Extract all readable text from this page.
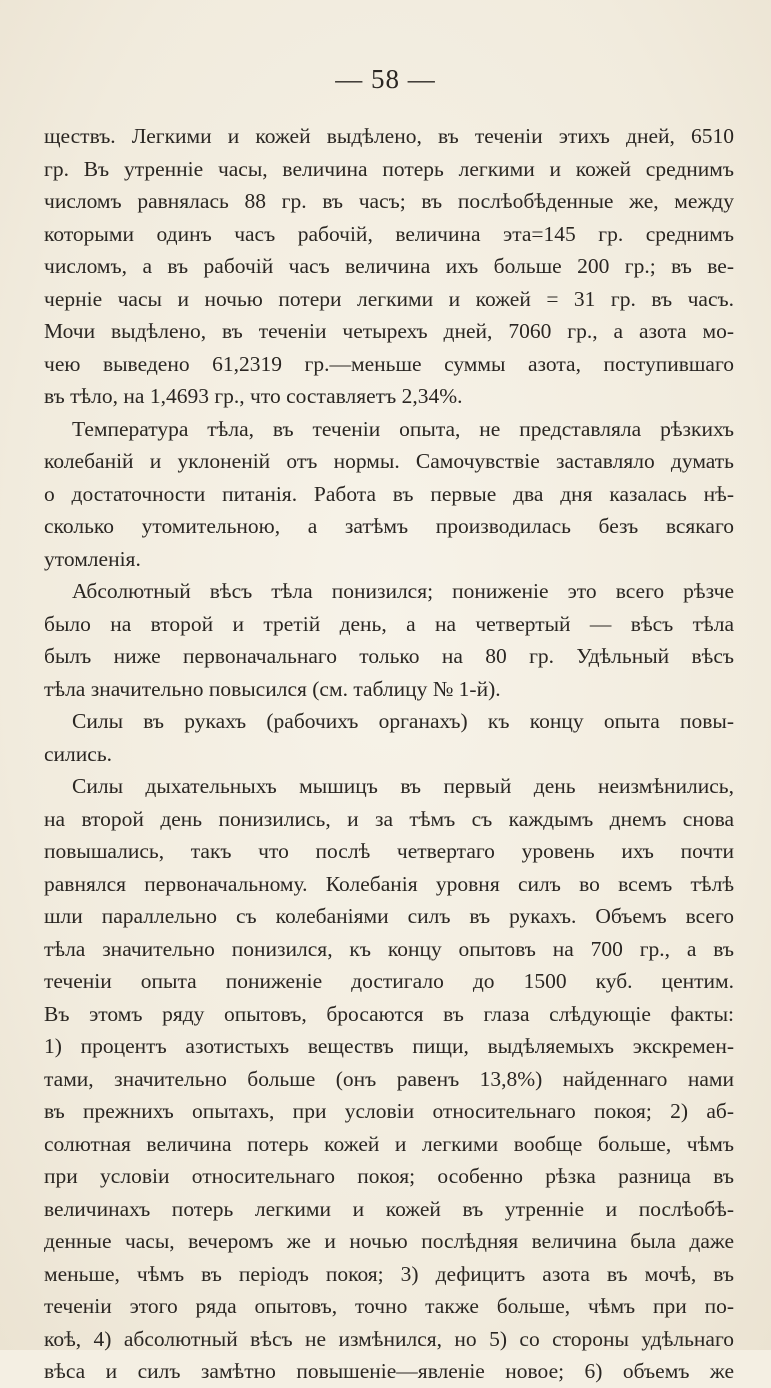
— 58 —
ществъ. Легкими и кожей выдѣлено, въ теченіи этихъ дней, 6510
гр. Въ утренніе часы, величина потерь легкими и кожей среднимъ
числомъ равнялась 88 гр. въ часъ; въ послѣобѣденные же, между
которыми одинъ часъ рабочій, величина эта=145 гр. среднимъ
числомъ, а въ рабочій часъ величина ихъ больше 200 гр.; въ ве-
черніе часы и ночью потери легкими и кожей = 31 гр. въ часъ.
Мочи выдѣлено, въ теченіи четырехъ дней, 7060 гр., а азота мо-
чею выведено 61,2319 гр.—меньше суммы азота, поступившаго
въ тѣло, на 1,4693 гр., что составляетъ 2,34%.
Температура тѣла, въ теченіи опыта, не представляла рѣзкихъ
колебаній и уклоненій отъ нормы. Самочувствіе заставляло думать
о достаточности питанія. Работа въ первые два дня казалась нѣ-
сколько утомительною, а затѣмъ производилась безъ всякаго
утомленія.
Абсолютный вѣсъ тѣла понизился; пониженіе это всего рѣзче
было на второй и третій день, а на четвертый — вѣсъ тѣла
былъ ниже первоначальнаго только на 80 гр. Удѣльный вѣсъ
тѣла значительно повысился (см. таблицу № 1-й).
Силы въ рукахъ (рабочихъ органахъ) къ концу опыта повы-
сились.
Силы дыхательныхъ мышицъ въ первый день неизмѣнились,
на второй день понизились, и за тѣмъ съ каждымъ днемъ снова
повышались, такъ что послѣ четвертаго уровень ихъ почти
равнялся первоначальному. Колебанія уровня силъ во всемъ тѣлѣ
шли параллельно съ колебаніями силъ въ рукахъ. Объемъ всего
тѣла значительно понизился, къ концу опытовъ на 700 гр., а въ
теченіи опыта пониженіе достигало до 1500 куб. центим.
Въ этомъ ряду опытовъ, бросаются въ глаза слѣдующіе факты:
1) процентъ азотистыхъ веществъ пищи, выдѣляемыхъ экскремен-
тами, значительно больше (онъ равенъ 13,8%) найденнаго нами
въ прежнихъ опытахъ, при условіи относительнаго покоя; 2) аб-
солютная величина потерь кожей и легкими вообще больше, чѣмъ
при условіи относительнаго покоя; особенно рѣзка разница въ
величинахъ потерь легкими и кожей въ утренніе и послѣобѣ-
денные часы, вечеромъ же и ночью послѣдняя величина была даже
меньше, чѣмъ въ періодъ покоя; 3) дефицитъ азота въ мочѣ, въ
теченіи этого ряда опытовъ, точно также больше, чѣмъ при по-
коѣ, 4) абсолютный вѣсъ не измѣнился, но 5) со стороны удѣльнаго
вѣса и силъ замѣтно повышеніе—явленіе новое; 6) объемъ же
